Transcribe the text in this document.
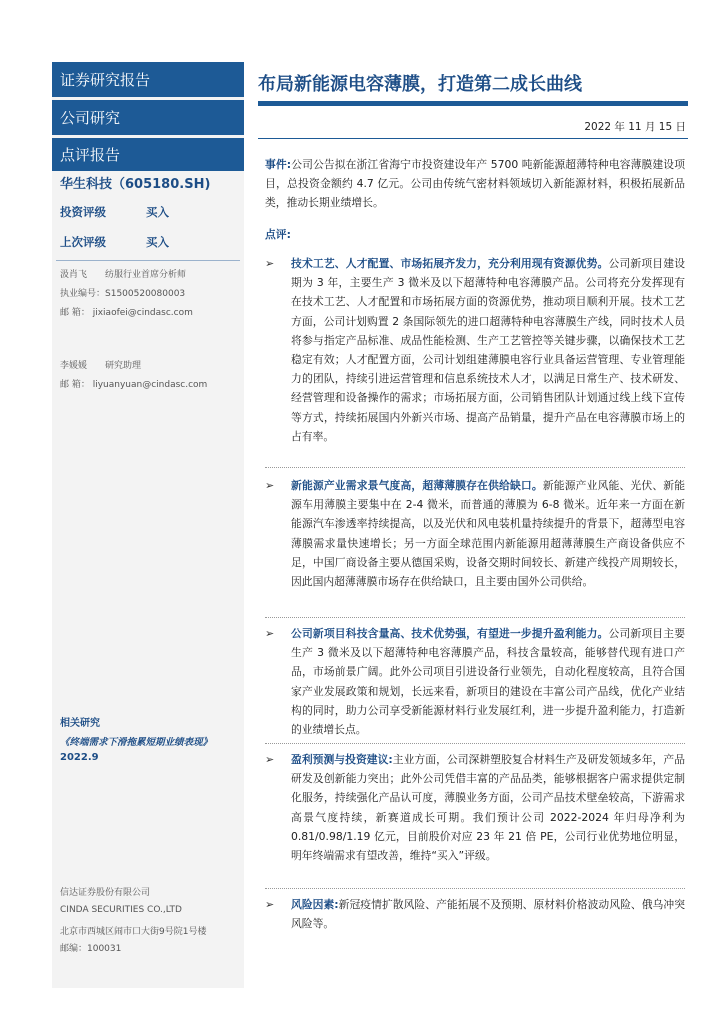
证券研究报告
公司研究
点评报告
华生科技（605180.SH)
投资评级	买入
上次评级	买入
汲肖飞 纺服行业首席分析师
执业编号：S1500520080003
邮 箱： jixiaofei@cindasc.com
李媛媛 研究助理
邮 箱： liyuanyuan@cindasc.com
相关研究
《终端需求下滑拖累短期业绩表现》
2022.9
信达证券股份有限公司
CINDA SECURITIES CO.,LTD
北京市西城区闹市口大街9号院1号楼
邮编：100031
布局新能源电容薄膜，打造第二成长曲线
2022 年 11 月 15 日
事件:公司公告拟在浙江省海宁市投资建设年产 5700 吨新能源超薄特种电容薄膜建设项目，总投资金额约 4.7 亿元。公司由传统气密材料领域切入新能源材料，积极拓展新品类，推动长期业绩增长。
点评:
➢ 技术工艺、人才配置、市场拓展齐发力，充分利用现有资源优势。公司新项目建设期为 3 年，主要生产 3 微米及以下超薄特种电容薄膜产品。公司将充分发挥现有在技术工艺、人才配置和市场拓展方面的资源优势，推动项目顺利开展。技术工艺方面，公司计划购置 2 条国际领先的进口超薄特种电容薄膜生产线，同时技术人员将参与指定产品标准、成品性能检测、生产工艺管控等关键步骤，以确保技术工艺稳定有效；人才配置方面，公司计划组建薄膜电容行业具备运营管理、专业管理能力的团队，持续引进运营管理和信息系统技术人才，以满足日常生产、技术研发、经营管理和设备操作的需求；市场拓展方面，公司销售团队计划通过线上线下宣传等方式，持续拓展国内外新兴市场、提高产品销量，提升产品在电容薄膜市场上的占有率。
➢ 新能源产业需求景气度高，超薄薄膜存在供给缺口。新能源产业风能、光伏、新能源车用薄膜主要集中在 2-4 微米，而普通的薄膜为 6-8 微米。近年来一方面在新能源汽车渗透率持续提高，以及光伏和风电装机量持续提升的背景下，超薄型电容薄膜需求量快速增长；另一方面全球范围内新能源用超薄薄膜生产商设备供应不足，中国厂商设备主要从德国采购，设备交期时间较长、新建产线投产周期较长，因此国内超薄薄膜市场存在供给缺口，且主要由国外公司供给。
➢ 公司新项目科技含量高、技术优势强，有望进一步提升盈利能力。公司新项目主要生产 3 微米及以下超薄特种电容薄膜产品，科技含量较高，能够替代现有进口产品，市场前景广阔。此外公司项目引进设备行业领先，自动化程度较高，且符合国家产业发展政策和规划，长远来看，新项目的建设在丰富公司产品线，优化产业结构的同时，助力公司享受新能源材料行业发展红利，进一步提升盈利能力，打造新的业绩增长点。
➢ 盈利预测与投资建议:主业方面，公司深耕塑胶复合材料生产及研发领域多年，产品研发及创新能力突出；此外公司凭借丰富的产品品类，能够根据客户需求提供定制化服务，持续强化产品认可度，薄膜业务方面，公司产品技术壁垒较高，下游需求高景气度持续，新赛道成长可期。我们预计公司 2022-2024 年归母净利为 0.81/0.98/1.19 亿元，目前股价对应 23 年 21 倍 PE，公司行业优势地位明显，明年终端需求有望改善，维持“买入”评级。
➢ 风险因素:新冠疫情扩散风险、产能拓展不及预期、原材料价格波动风险、俄乌冲突风险等。
